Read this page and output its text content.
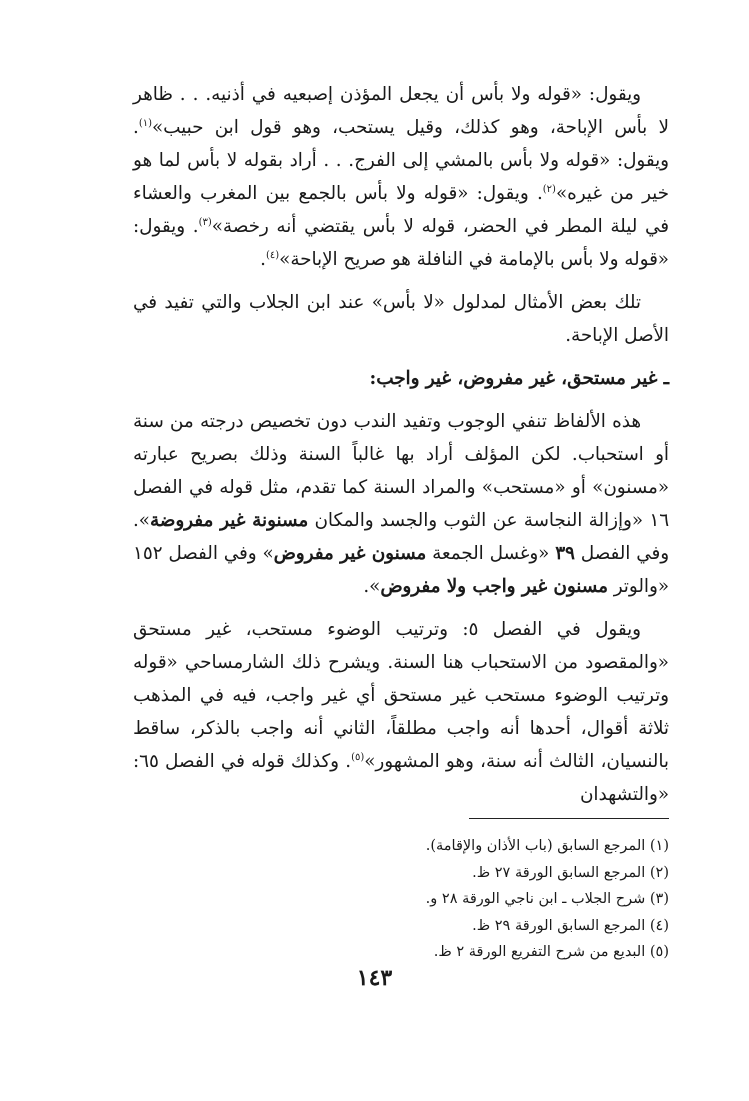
ويقول: «قوله ولا بأس أن يجعل المؤذن إصبعيه في أذنيه. . . ظاهر لا بأس الإباحة، وهو كذلك، وقيل يستحب، وهو قول ابن حبيب»$^{(١)}$. ويقول: «قوله ولا بأس بالمشي إلى الفرج. . . أراد بقوله لا بأس لما هو خير من غيره»$^{(٢)}$. ويقول: «قوله ولا بأس بالجمع بين المغرب والعشاء في ليلة المطر في الحضر، قوله لا بأس يقتضي أنه رخصة»$^{(٣)}$. ويقول: «قوله ولا بأس بالإمامة في النافلة هو صريح الإباحة»$^{(٤)}$.

تلك بعض الأمثال لمدلول «لا بأس» عند ابن الجلاب والتي تفيد في الأصل الإباحة.

ـ غير مستحق، غير مفروض، غير واجب:

هذه الألفاظ تنفي الوجوب وتفيد الندب دون تخصيص درجته من سنة أو استحباب. لكن المؤلف أراد بها غالباً السنة وذلك بصريح عبارته «مسنون» أو «مستحب» والمراد السنة كما تقدم، مثل قوله في الفصل ١٦ «وإزالة النجاسة عن الثوب والجسد والمكان مسنونة غير مفروضة». وفي الفصل ٣٩ «وغسل الجمعة مسنون غير مفروض» وفي الفصل ١٥٢ «والوتر مسنون غير واجب ولا مفروض».

ويقول في الفصل ٥: وترتيب الوضوء مستحب، غير مستحق «والمقصود من الاستحباب هنا السنة. ويشرح ذلك الشارمساحي «قوله وترتيب الوضوء مستحب غير مستحق أي غير واجب، فيه في المذهب ثلاثة أقوال، أحدها أنه واجب مطلقاً، الثاني أنه واجب بالذكر، ساقط بالنسيان، الثالث أنه سنة، وهو المشهور»$^{(٥)}$. وكذلك قوله في الفصل ٦٥: «والتشهدان

(١) المرجع السابق (باب الأذان والإقامة).
(٢) المرجع السابق الورقة ٢٧ ظ.
(٣) شرح الجلاب ـ ابن ناجي الورقة ٢٨ و.
(٤) المرجع السابق الورقة ٢٩ ظ.
(٥) البديع من شرح التفريع الورقة ٢ ظ.
١٤٣
